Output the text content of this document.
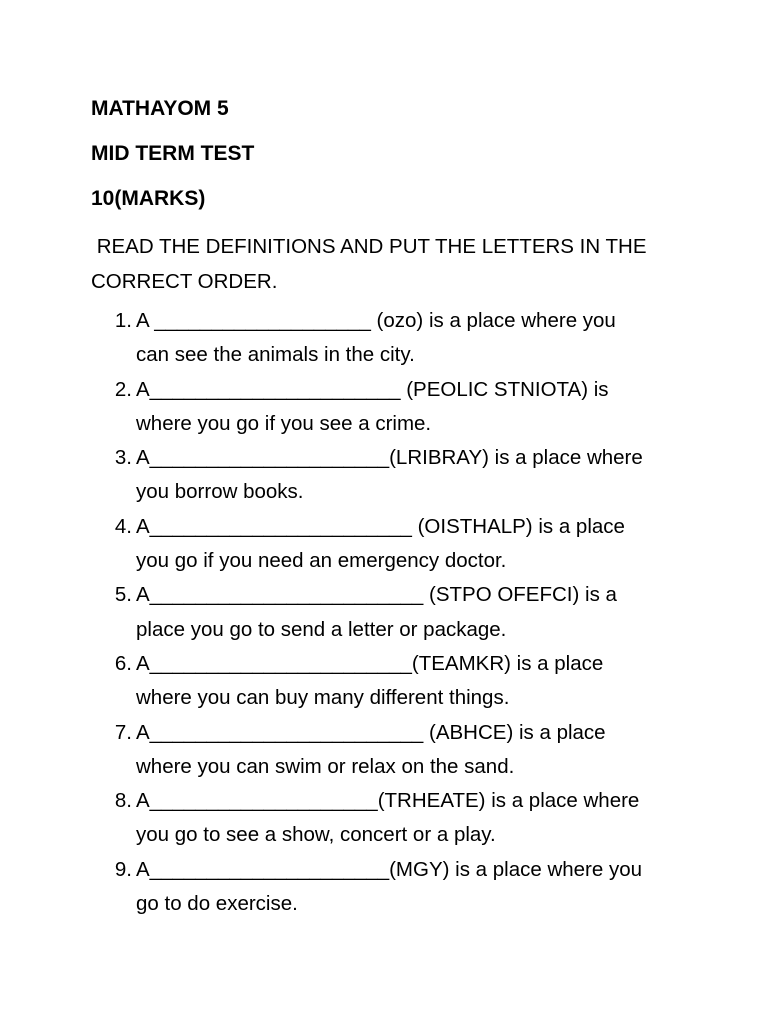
MATHAYOM 5
MID TERM TEST
10(MARKS)
READ THE DEFINITIONS AND PUT THE LETTERS IN THE CORRECT ORDER.
1. A ___________________ (ozo) is a place where you
can see the animals in the city.
2. A______________________ (PEOLIC STNIOTA) is
where you go if you see a crime.
3. A_____________________(LRIBRAY) is a place where
you borrow books.
4. A_______________________ (OISTHALP) is a place
you go if you need an emergency doctor.
5. A________________________ (STPO OFEFCI) is a
place you go to send a letter or package.
6. A_______________________(TEAMKR) is a place
where you can buy many different things.
7. A________________________ (ABHCE) is a place
where you can swim or relax on the sand.
8. A____________________(TRHEATE) is a place where
you go to see a show, concert or a play.
9. A_____________________(MGY) is a place where you
go to do exercise.
